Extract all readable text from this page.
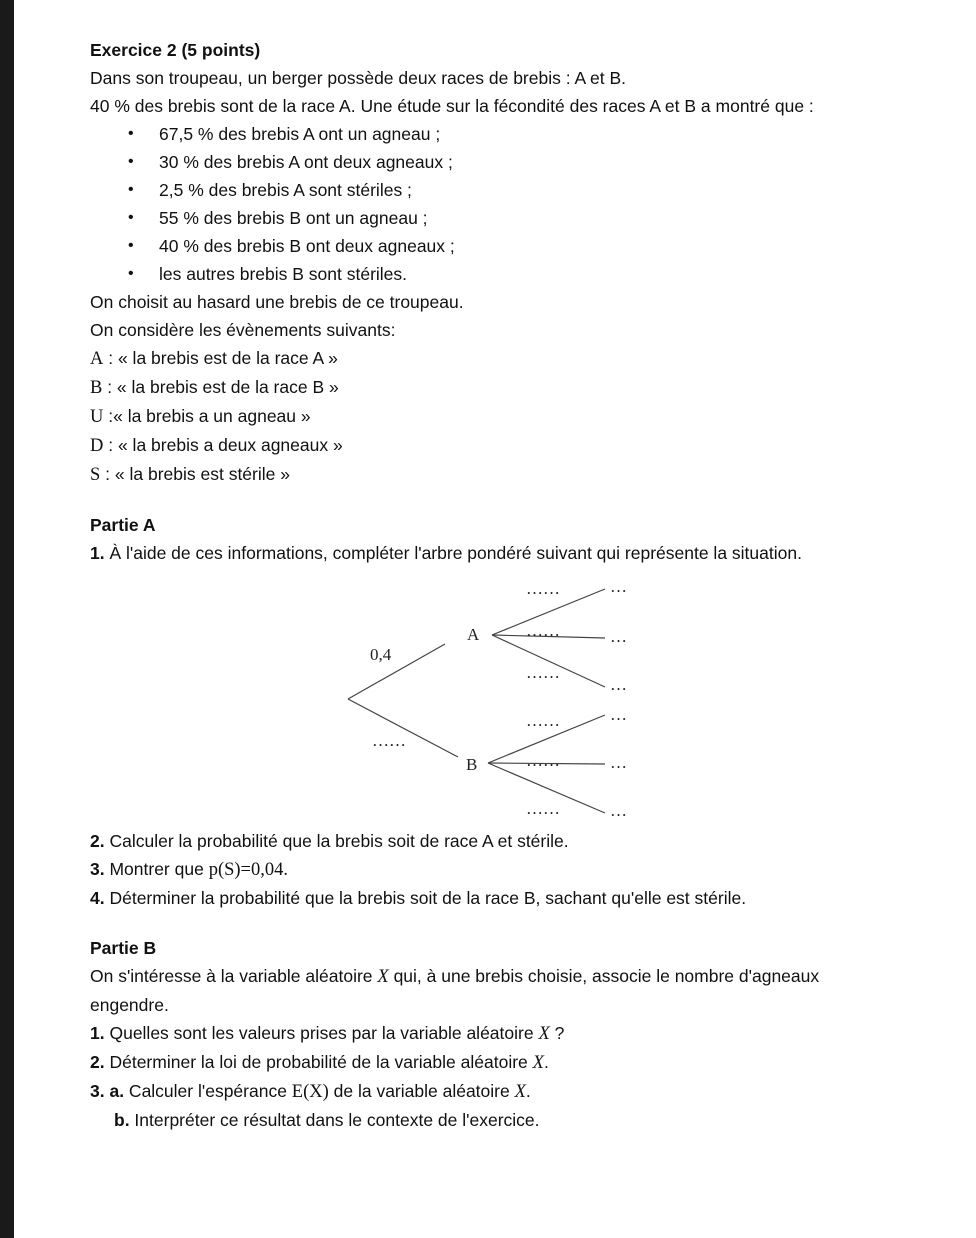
Exercice 2 (5 points)
Dans son troupeau, un berger possède deux races de brebis : A et B.
40 % des brebis sont de la race A. Une étude sur la fécondité des races A et B a montré que :
• 67,5 % des brebis A ont un agneau ;
• 30 % des brebis A ont deux agneaux ;
• 2,5 % des brebis A sont stériles ;
• 55 % des brebis B ont un agneau ;
• 40 % des brebis B ont deux agneaux ;
• les autres brebis B sont stériles.
On choisit au hasard une brebis de ce troupeau.
On considère les évènements suivants:
A : « la brebis est de la race A »
B : « la brebis est de la race B »
U :« la brebis a un agneau »
D : « la brebis a deux agneaux »
S : « la brebis est stérile »
Partie A
1. À l'aide de ces informations, compléter l'arbre pondéré suivant qui représente la situation.
0,4
……
A
B
……
……
……
……
……
……
…
…
…
…
…
…
2. Calculer la probabilité que la brebis soit de race A et stérile.
3. Montrer que p(S)=0,04.
4. Déterminer la probabilité que la brebis soit de la race B, sachant qu'elle est stérile.
Partie B
On s'intéresse à la variable aléatoire X qui, à une brebis choisie, associe le nombre d'agneaux
engendre.
1. Quelles sont les valeurs prises par la variable aléatoire X ?
2. Déterminer la loi de probabilité de la variable aléatoire X.
3. a. Calculer l'espérance E(X) de la variable aléatoire X.
b. Interpréter ce résultat dans le contexte de l'exercice.
